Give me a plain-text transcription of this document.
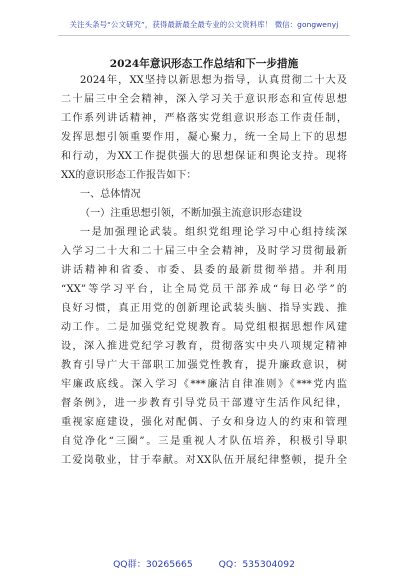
关注头条号“公文研究”，获得最新最全最专业的公文资料库！ 微信：gongwenyj
2024年意识形态工作总结和下一步措施
2024年，XX坚持以新思想为指导，认真贯彻二十大及
二十届三中全会精神，深入学习关于意识形态和宣传思想
工作系列讲话精神，严格落实党组意识形态工作责任制，
发挥思想引领重要作用，凝心聚力，统一全局上下的思想
和行动，为XX工作提供强大的思想保证和舆论支持。现将
XX的意识形态工作报告如下：
一、总体情况
（一）注重思想引领，不断加强主流意识形态建设
一是加强理论武装。组织党组理论学习中心组持续深
入学习二十大和二十届三中全会精神，及时学习贯彻最新
讲话精神和省委、市委、县委的最新贯彻举措。并利用
“XX”等学习平台，让全局党员干部养成“每日必学”的
良好习惯，真正用党的创新理论武装头脑、指导实践、推
动工作。二是加强党纪党规教育。局党组根据思想作风建
设，深入推进党纪学习教育，贯彻落实中央八项规定精神
教育引导广大干部职工加强党性教育，提升廉政意识，树
牢廉政底线。深入学习《***廉洁自律准则》《***党内监
督条例》，进一步教育引导党员干部遵守生活作风纪律，
重视家庭建设，强化对配偶、子女和身边人的约束和管理
自觉净化“三圈”。三是重视人才队伍培养，积极引导职
工爱岗敬业，甘于奉献。对XX队伍开展纪律整顿，提升全
QQ群：30265665	QQ：535304092
